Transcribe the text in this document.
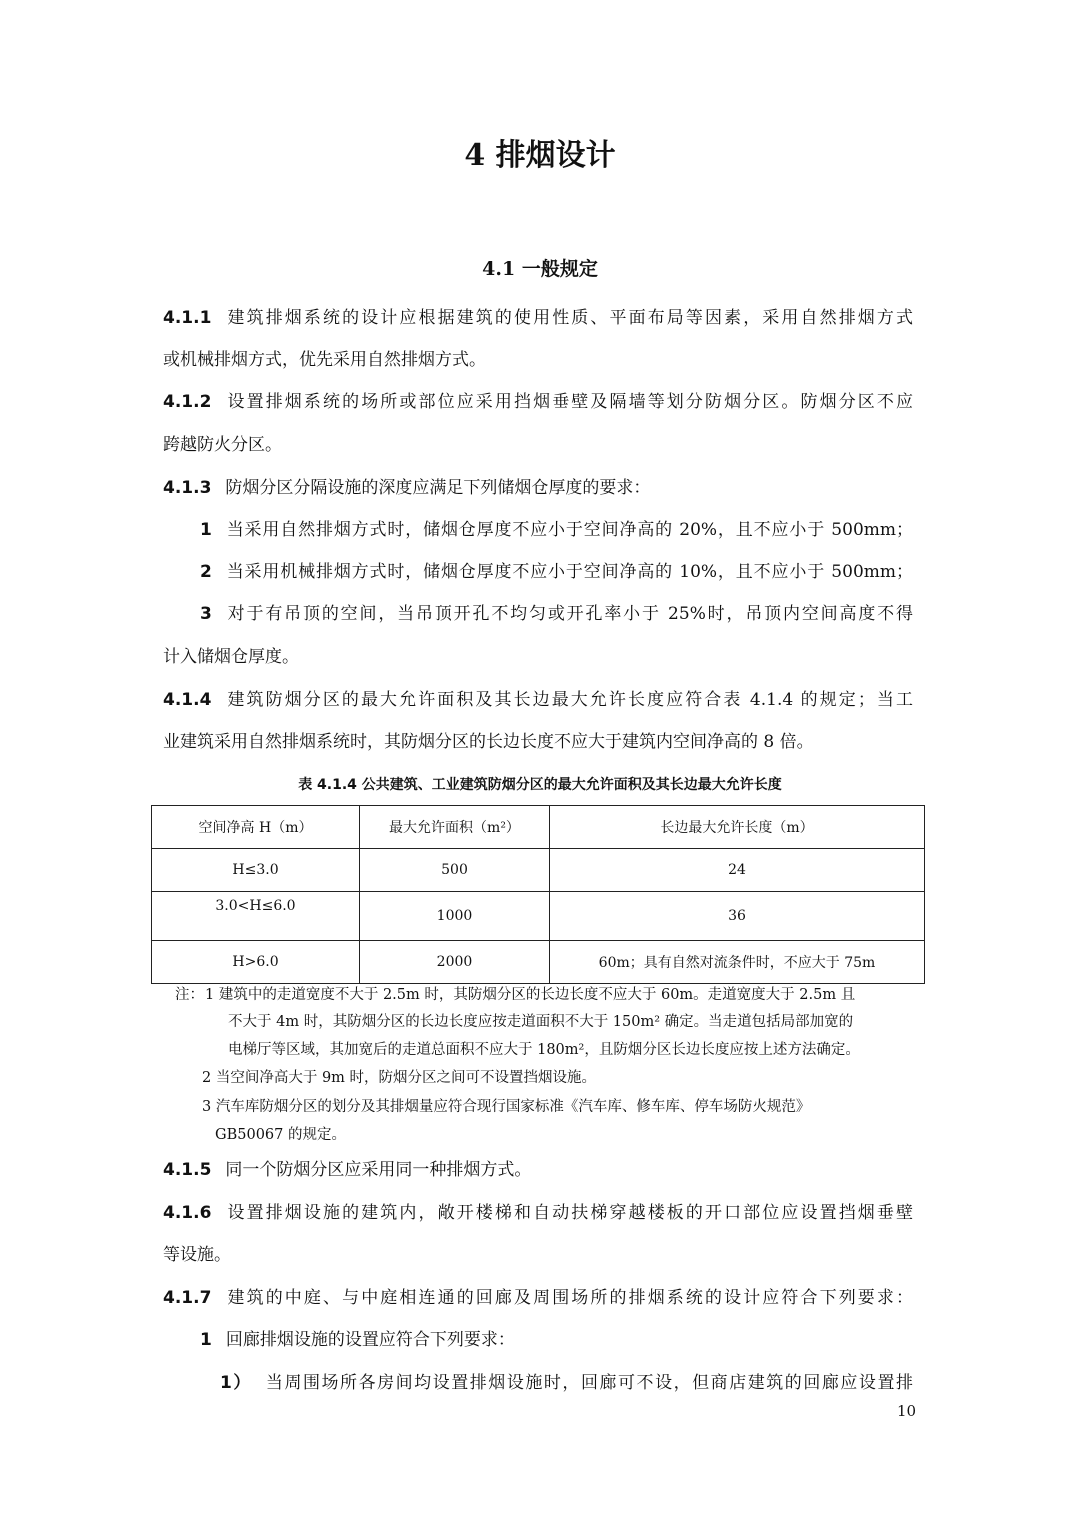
4 排烟设计
4.1 一般规定
4.1.1 建筑排烟系统的设计应根据建筑的使用性质、平面布局等因素，采用自然排烟方式
或机械排烟方式，优先采用自然排烟方式。
4.1.2 设置排烟系统的场所或部位应采用挡烟垂壁及隔墙等划分防烟分区。防烟分区不应
跨越防火分区。
4.1.3 防烟分区分隔设施的深度应满足下列储烟仓厚度的要求：
1 当采用自然排烟方式时，储烟仓厚度不应小于空间净高的 20%，且不应小于 500mm；
2 当采用机械排烟方式时，储烟仓厚度不应小于空间净高的 10%，且不应小于 500mm；
3 对于有吊顶的空间，当吊顶开孔不均匀或开孔率小于 25%时，吊顶内空间高度不得
计入储烟仓厚度。
4.1.4 建筑防烟分区的最大允许面积及其长边最大允许长度应符合表 4.1.4 的规定；当工
业建筑采用自然排烟系统时，其防烟分区的长边长度不应大于建筑内空间净高的 8 倍。
表 4.1.4 公共建筑、工业建筑防烟分区的最大允许面积及其长边最大允许长度
空间净高 H（m）	最大允许面积（m²）	长边最大允许长度（m）
H≤3.0	500	24
3.0<H≤6.0	1000	36
H>6.0	2000	60m；具有自然对流条件时，不应大于 75m
注： 1 建筑中的走道宽度不大于 2.5m 时，其防烟分区的长边长度不应大于 60m。走道宽度大于 2.5m 且
不大于 4m 时，其防烟分区的长边长度应按走道面积不大于 150m² 确定。当走道包括局部加宽的
电梯厅等区域，其加宽后的走道总面积不应大于 180m²，且防烟分区长边长度应按上述方法确定。
2 当空间净高大于 9m 时，防烟分区之间可不设置挡烟设施。
3 汽车库防烟分区的划分及其排烟量应符合现行国家标准《汽车库、修车库、停车场防火规范》
GB50067 的规定。
4.1.5 同一个防烟分区应采用同一种排烟方式。
4.1.6 设置排烟设施的建筑内，敞开楼梯和自动扶梯穿越楼板的开口部位应设置挡烟垂壁
等设施。
4.1.7 建筑的中庭、与中庭相连通的回廊及周围场所的排烟系统的设计应符合下列要求：
1 回廊排烟设施的设置应符合下列要求：
1） 当周围场所各房间均设置排烟设施时，回廊可不设，但商店建筑的回廊应设置排
10
